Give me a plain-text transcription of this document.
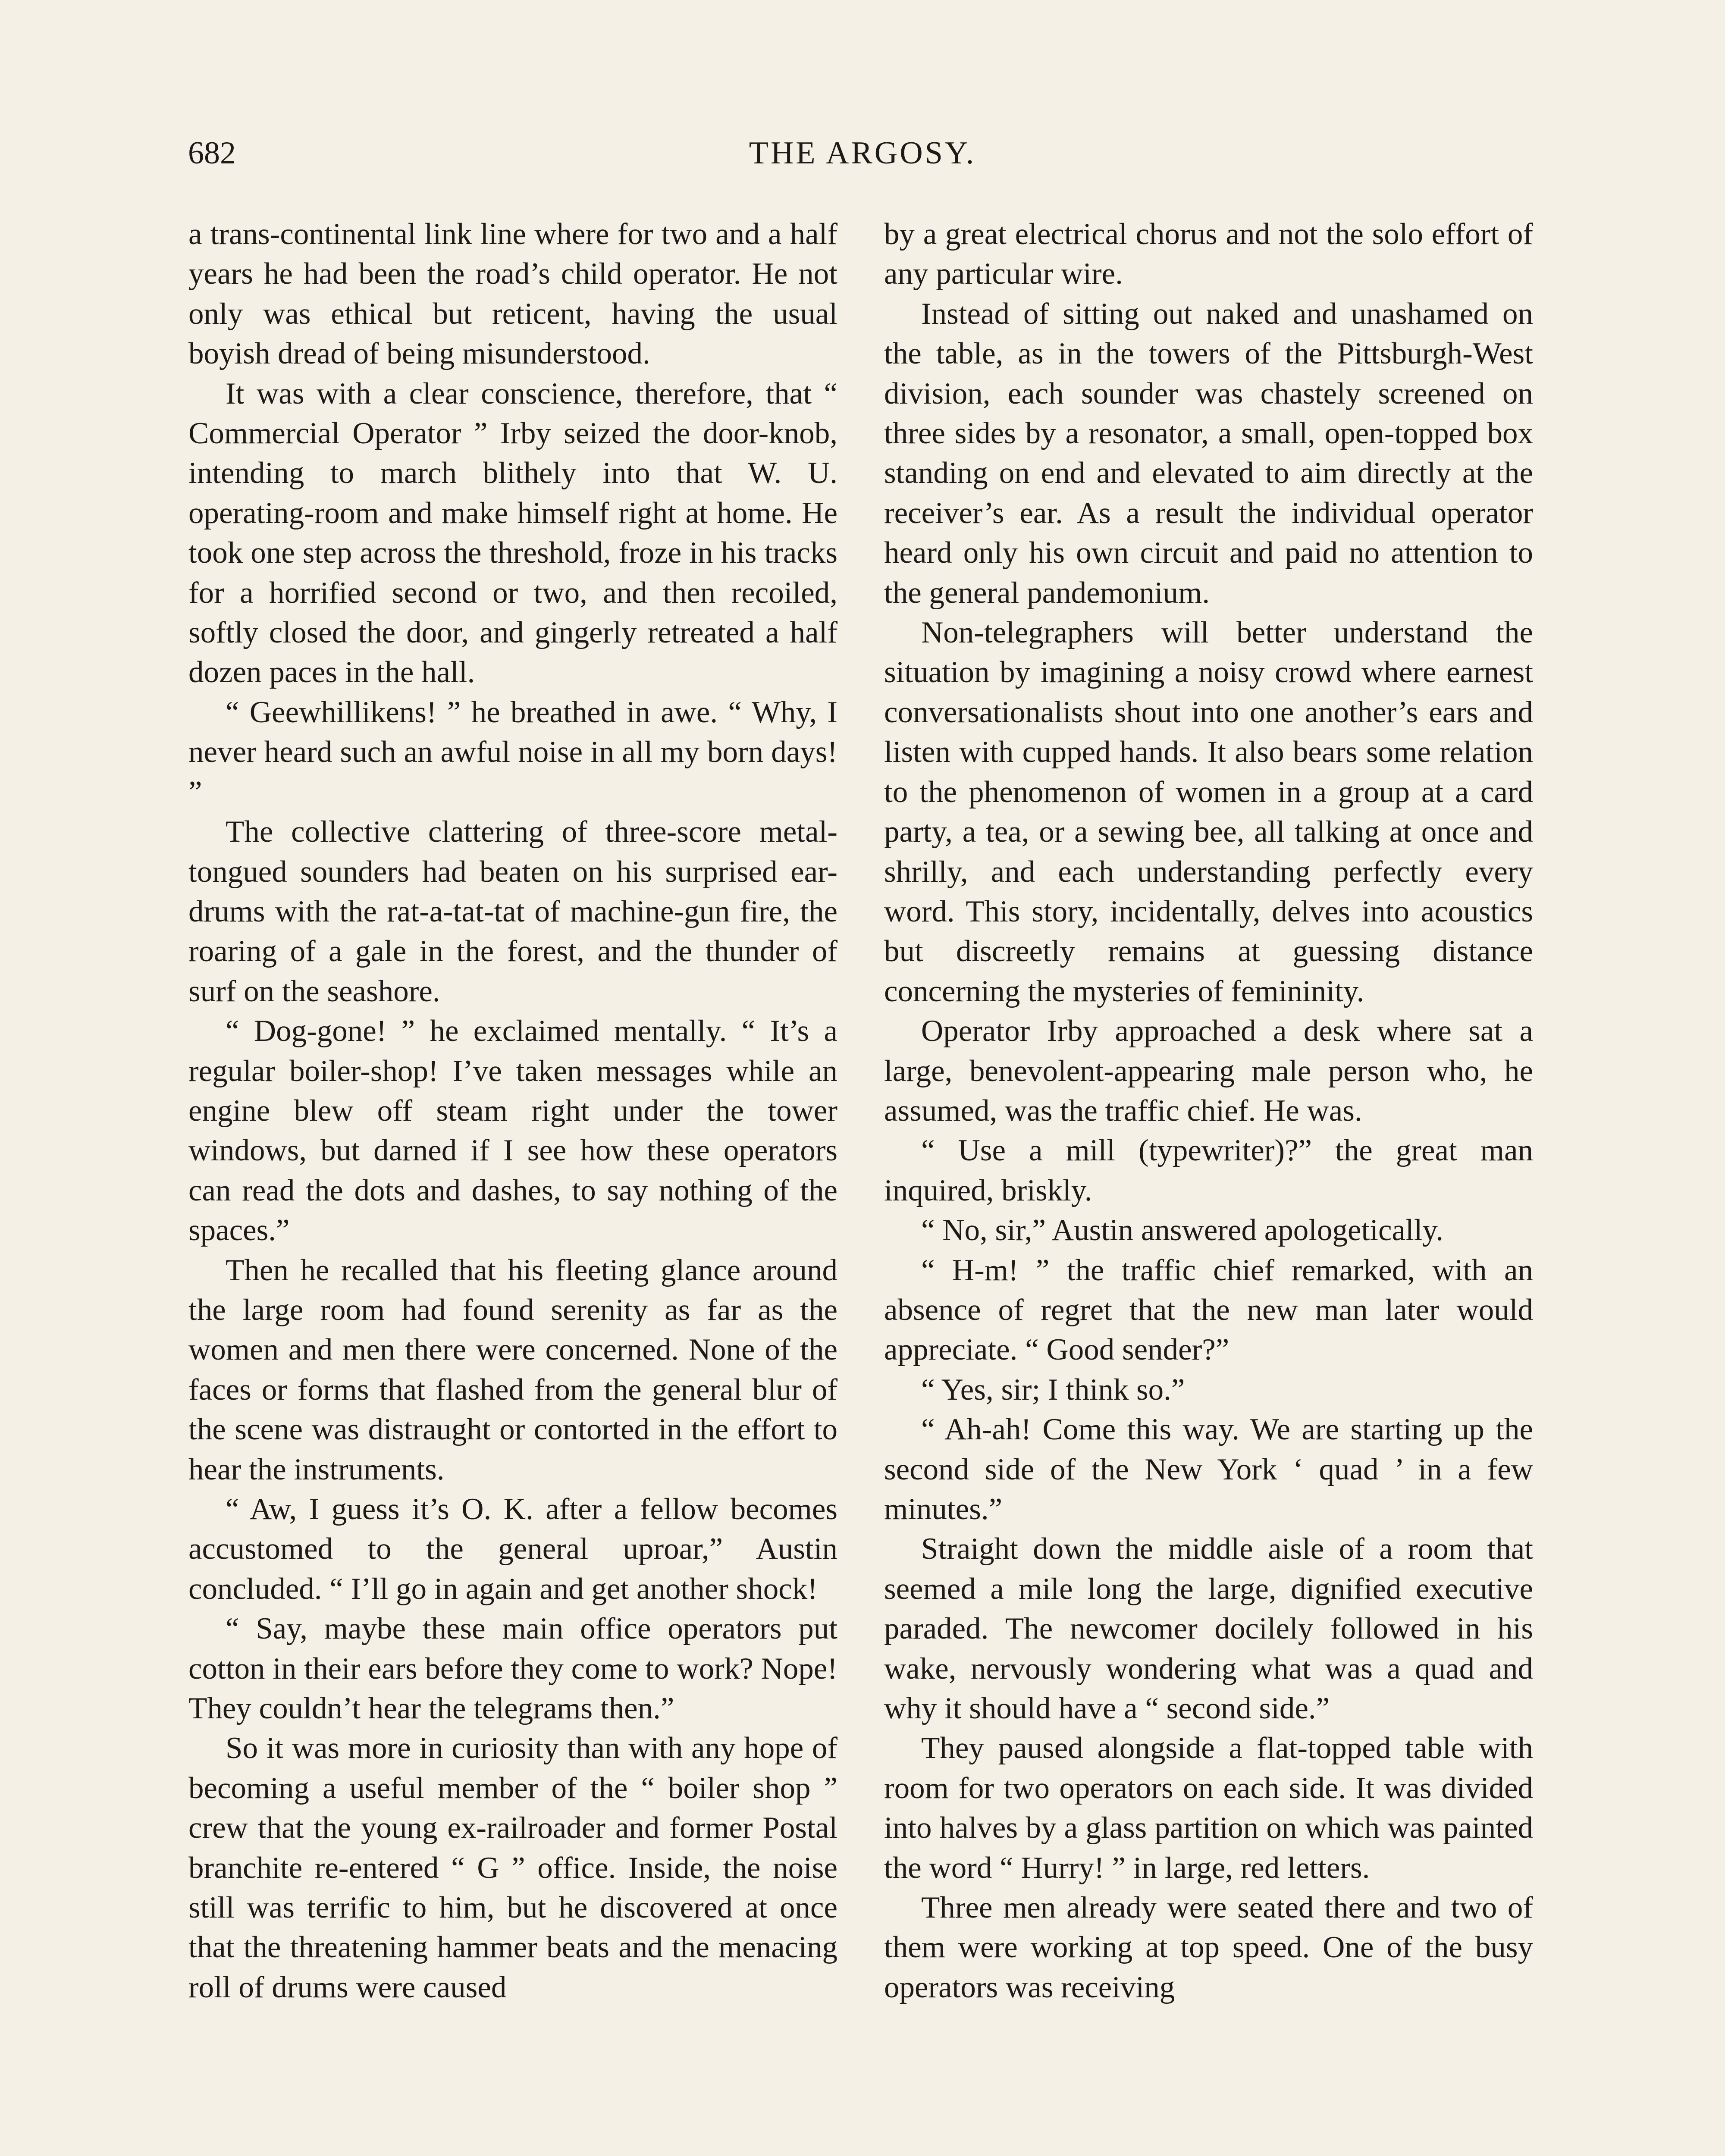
682	THE ARGOSY.

a trans-continental link line where for two and a half years he had been the road’s child operator. He not only was ethical but reticent, having the usual boyish dread of being misunderstood.

It was with a clear conscience, therefore, that “ Commercial Operator ” Irby seized the door-knob, intending to march blithely into that W. U. operating-room and make himself right at home. He took one step across the threshold, froze in his tracks for a horrified second or two, and then recoiled, softly closed the door, and gingerly retreated a half dozen paces in the hall.

“ Geewhillikens! ” he breathed in awe. “ Why, I never heard such an awful noise in all my born days! ”

The collective clattering of three-score metal-tongued sounders had beaten on his surprised ear-drums with the rat-a-tat-tat of machine-gun fire, the roaring of a gale in the forest, and the thunder of surf on the seashore.

“ Dog-gone! ” he exclaimed mentally. “ It’s a regular boiler-shop! I’ve taken messages while an engine blew off steam right under the tower windows, but darned if I see how these operators can read the dots and dashes, to say nothing of the spaces.”

Then he recalled that his fleeting glance around the large room had found serenity as far as the women and men there were concerned. None of the faces or forms that flashed from the general blur of the scene was distraught or contorted in the effort to hear the instruments.

“ Aw, I guess it’s O. K. after a fellow becomes accustomed to the general uproar,” Austin concluded. “ I’ll go in again and get another shock!

“ Say, maybe these main office operators put cotton in their ears before they come to work? Nope! They couldn’t hear the telegrams then.”

So it was more in curiosity than with any hope of becoming a useful member of the “ boiler shop ” crew that the young ex-railroader and former Postal branchite re-entered “ G ” office. Inside, the noise still was terrific to him, but he discovered at once that the threatening hammer beats and the menacing roll of drums were caused

by a great electrical chorus and not the solo effort of any particular wire.

Instead of sitting out naked and unashamed on the table, as in the towers of the Pittsburgh-West division, each sounder was chastely screened on three sides by a resonator, a small, open-topped box standing on end and elevated to aim directly at the receiver’s ear. As a result the individual operator heard only his own circuit and paid no attention to the general pandemonium.

Non-telegraphers will better understand the situation by imagining a noisy crowd where earnest conversationalists shout into one another’s ears and listen with cupped hands. It also bears some relation to the phenomenon of women in a group at a card party, a tea, or a sewing bee, all talking at once and shrilly, and each understanding perfectly every word. This story, incidentally, delves into acoustics but discreetly remains at guessing distance concerning the mysteries of femininity.

Operator Irby approached a desk where sat a large, benevolent-appearing male person who, he assumed, was the traffic chief. He was.

“ Use a mill (typewriter)?” the great man inquired, briskly.

“ No, sir,” Austin answered apologetically.

“ H-m! ” the traffic chief remarked, with an absence of regret that the new man later would appreciate. “ Good sender?”

“ Yes, sir; I think so.”

“ Ah-ah! Come this way. We are starting up the second side of the New York ‘ quad ’ in a few minutes.”

Straight down the middle aisle of a room that seemed a mile long the large, dignified executive paraded. The newcomer docilely followed in his wake, nervously wondering what was a quad and why it should have a “ second side.”

They paused alongside a flat-topped table with room for two operators on each side. It was divided into halves by a glass partition on which was painted the word “ Hurry! ” in large, red letters.

Three men already were seated there and two of them were working at top speed. One of the busy operators was receiving
